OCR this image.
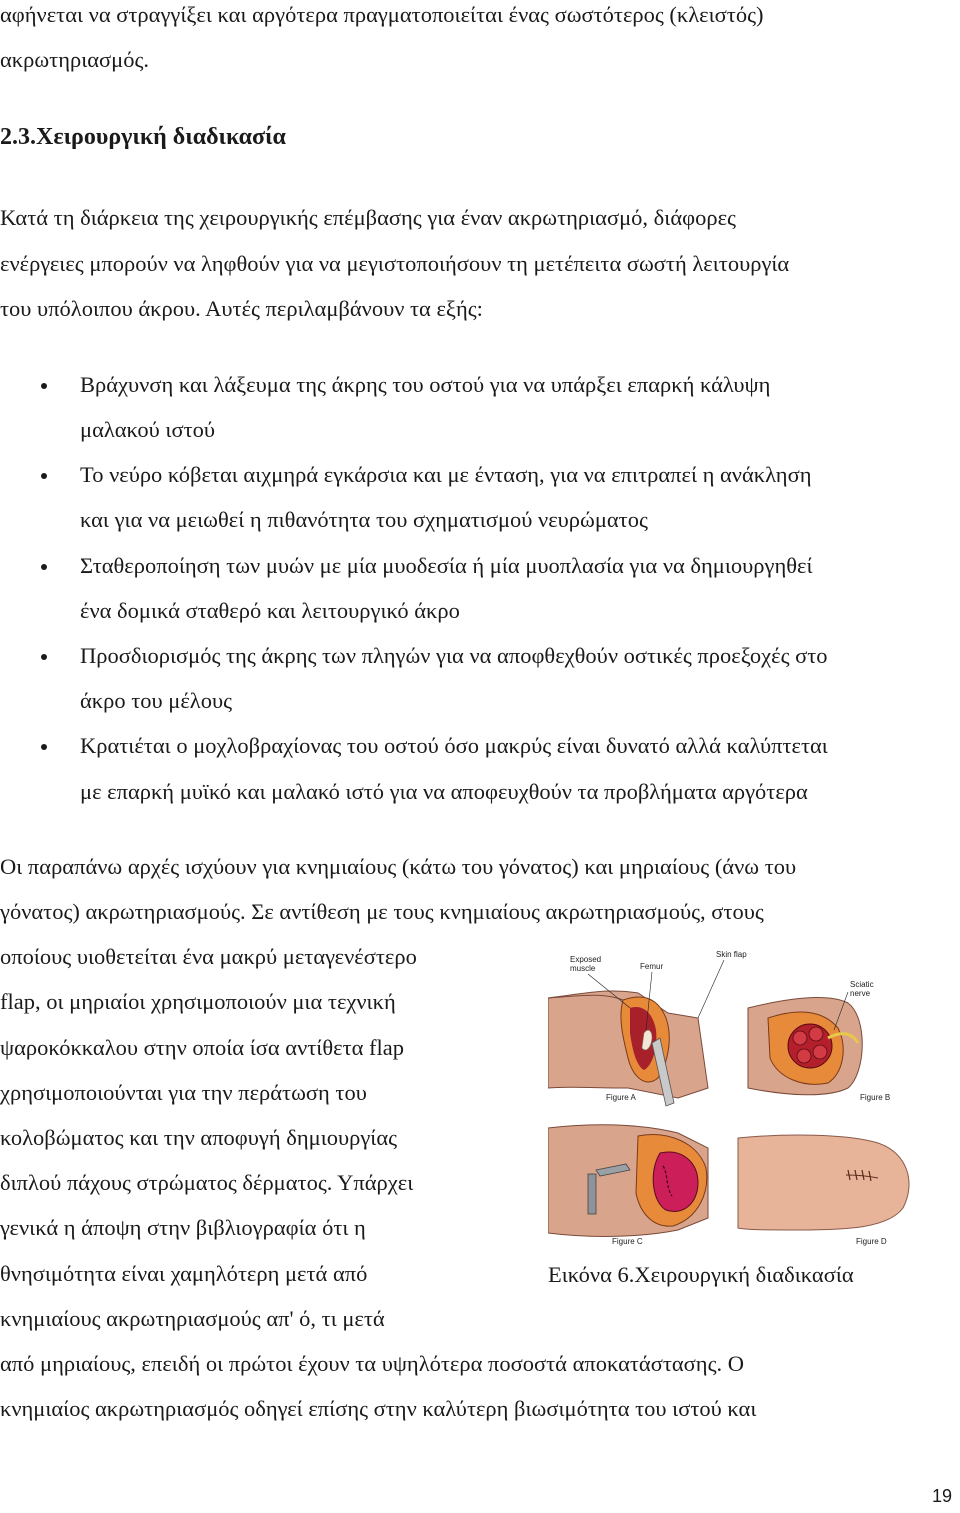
αφήνεται να στραγγίξει και αργότερα πραγματοποιείται ένας σωστότερος (κλειστός)
ακρωτηριασμός.
2.3.Χειρουργική διαδικασία
Κατά τη διάρκεια της χειρουργικής επέμβασης για έναν ακρωτηριασμό, διάφορες
ενέργειες μπορούν να ληφθούν για να μεγιστοποιήσουν τη μετέπειτα σωστή λειτουργία
του υπόλοιπου άκρου. Αυτές περιλαμβάνουν τα εξής:
Βράχυνση και λάξευμα της άκρης του οστού για να υπάρξει επαρκή κάλυψη
μαλακού ιστού
Το νεύρο κόβεται αιχμηρά εγκάρσια και με ένταση, για να επιτραπεί η ανάκληση
και για να μειωθεί η πιθανότητα του σχηματισμού νευρώματος
Σταθεροποίηση των μυών με μία μυοδεσία ή μία μυοπλασία για να δημιουργηθεί
ένα δομικά σταθερό και λειτουργικό άκρο
Προσδιορισμός της άκρης των πληγών για να αποφθεχθούν οστικές προεξοχές στο
άκρο του μέλους
Κρατιέται ο μοχλοβραχίονας του οστού όσο μακρύς είναι δυνατό αλλά καλύπτεται
με επαρκή μυϊκό και μαλακό ιστό για να αποφευχθούν τα προβλήματα αργότερα
Οι παραπάνω αρχές ισχύουν για κνημιαίους (κάτω του γόνατος) και μηριαίους (άνω του
γόνατος) ακρωτηριασμούς. Σε αντίθεση με τους κνημιαίους ακρωτηριασμούς, στους
οποίους υιοθετείται ένα μακρύ μεταγενέστερο
flap, οι μηριαίοι χρησιμοποιούν μια τεχνική
ψαροκόκκαλου στην οποία ίσα αντίθετα flap
χρησιμοποιούνται για την περάτωση του
κολοβώματος και την αποφυγή δημιουργίας
διπλού πάχους στρώματος δέρματος. Υπάρχει
γενικά η άποψη στην βιβλιογραφία ότι η
θνησιμότητα είναι χαμηλότερη μετά από
κνημιαίους ακρωτηριασμούς απ' ό, τι μετά
από μηριαίους, επειδή οι πρώτοι έχουν τα υψηλότερα ποσοστά αποκατάστασης. Ο
κνημιαίος ακρωτηριασμός οδηγεί επίσης στην καλύτερη βιωσιμότητα του ιστού και
Exposed
muscle	Femur
Skin flap
Sciatic
nerve
Figure A	Figure B
Figure C	Figure D
Εικόνα 6.Χειρουργική διαδικασία
19
